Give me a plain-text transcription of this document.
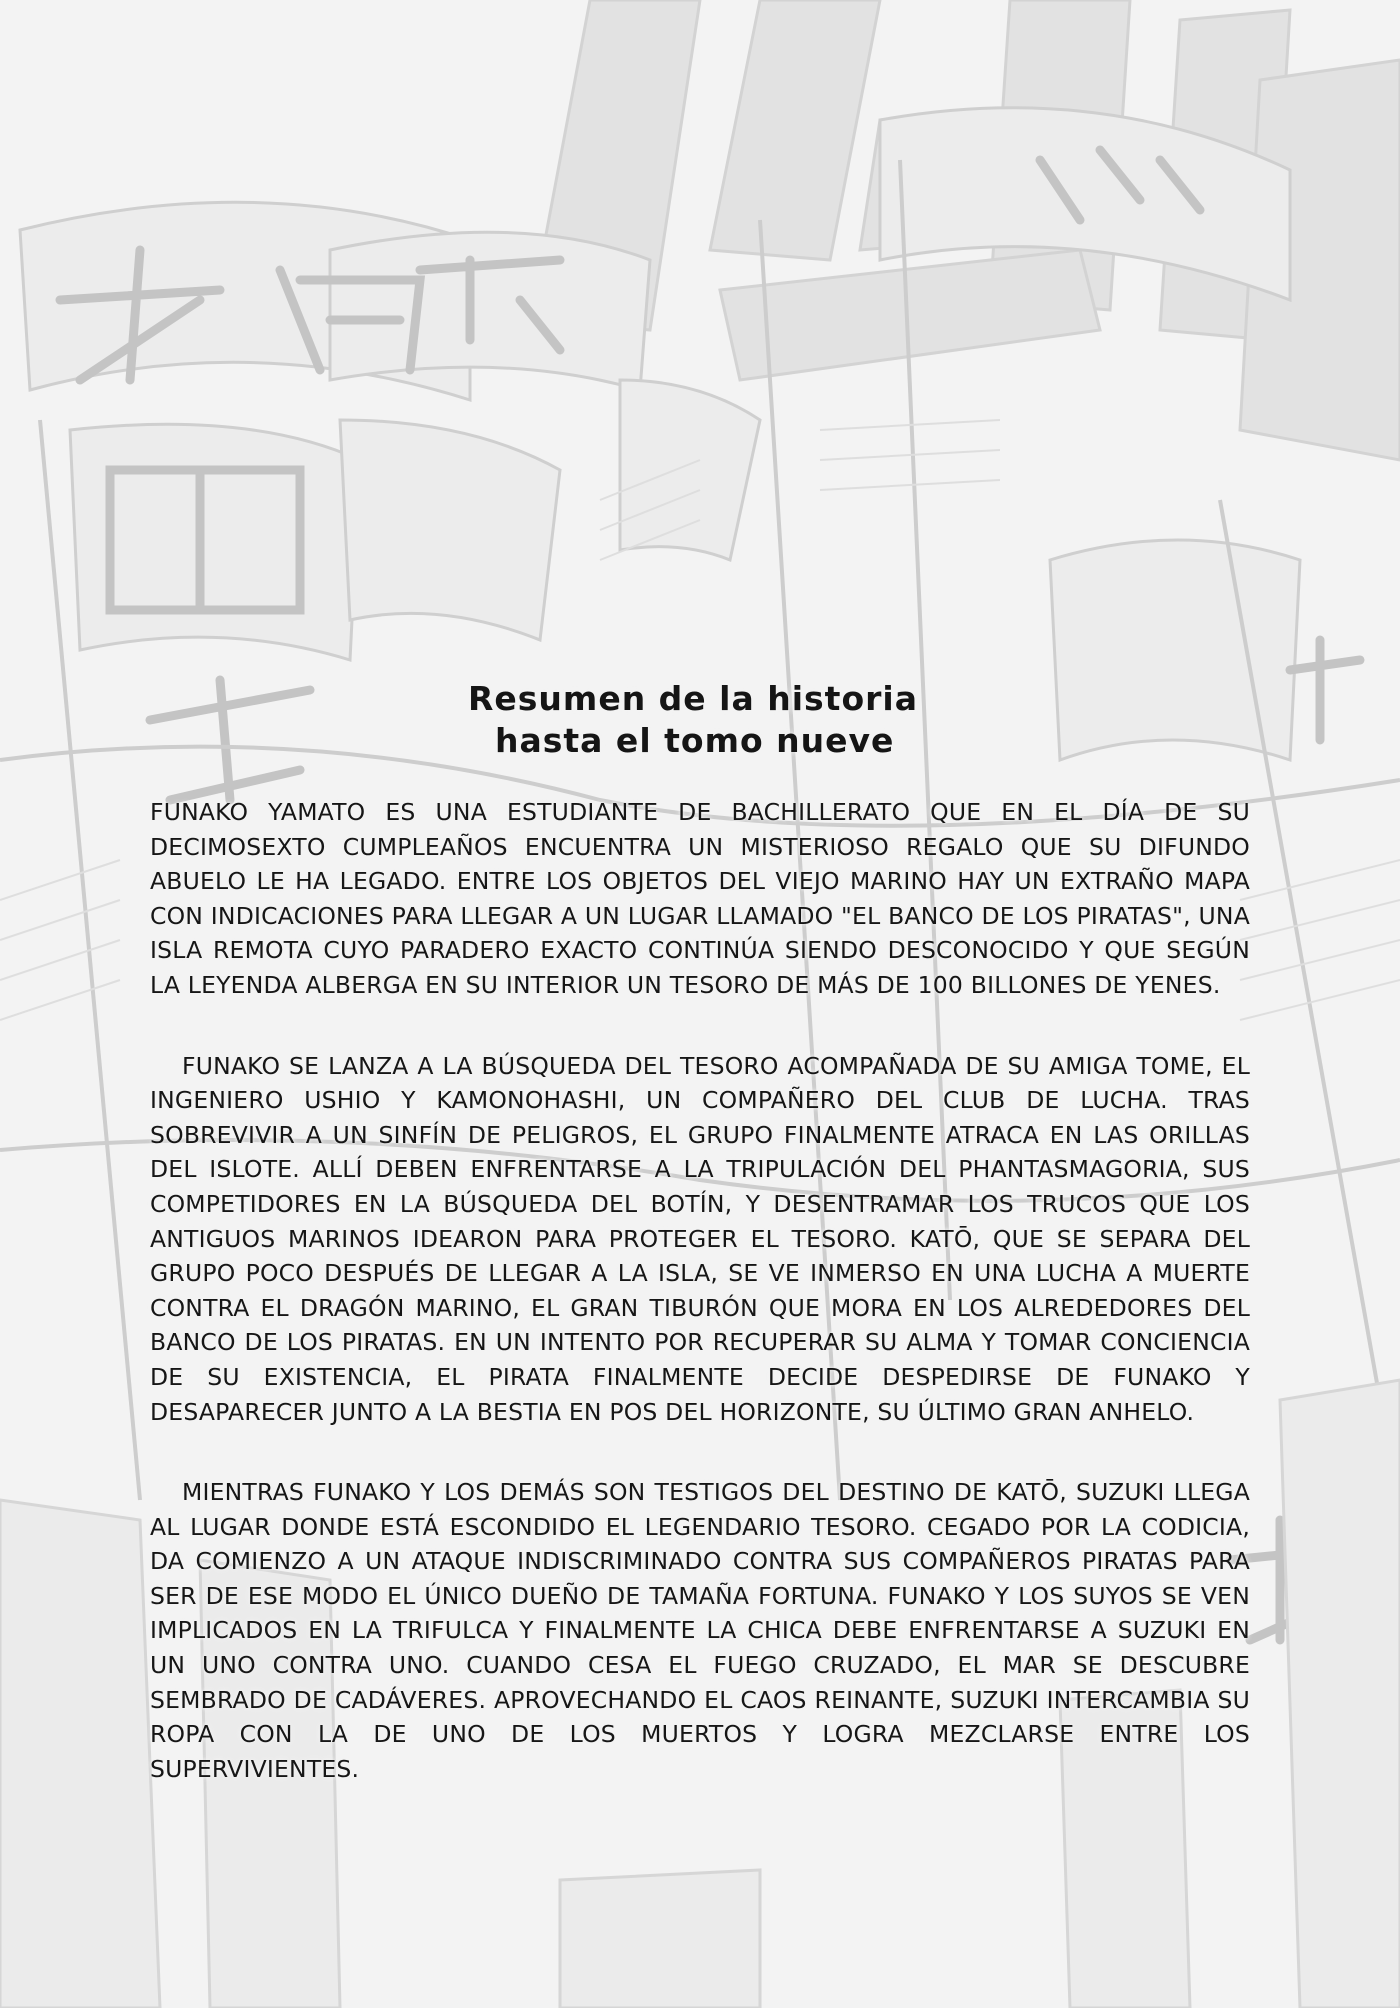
Resumen de la historia
hasta el tomo nueve

FUNAKO YAMATO ES UNA ESTUDIANTE DE BACHILLERATO QUE EN EL DÍA DE SU DECIMOSEXTO CUMPLEAÑOS ENCUENTRA UN MISTERIOSO REGALO QUE SU DIFUNDO ABUELO LE HA LEGADO. ENTRE LOS OBJETOS DEL VIEJO MARINO HAY UN EXTRAÑO MAPA CON INDICACIONES PARA LLEGAR A UN LUGAR LLAMADO "EL BANCO DE LOS PIRATAS", UNA ISLA REMOTA CUYO PARADERO EXACTO CONTINÚA SIENDO DESCONOCIDO Y QUE SEGÚN LA LEYENDA ALBERGA EN SU INTERIOR UN TESORO DE MÁS DE 100 BILLONES DE YENES.

FUNAKO SE LANZA A LA BÚSQUEDA DEL TESORO ACOMPAÑADA DE SU AMIGA TOME, EL INGENIERO USHIO Y KAMONOHASHI, UN COMPAÑERO DEL CLUB DE LUCHA. TRAS SOBREVIVIR A UN SINFÍN DE PELIGROS, EL GRUPO FINALMENTE ATRACA EN LAS ORILLAS DEL ISLOTE. ALLÍ DEBEN ENFRENTARSE A LA TRIPULACIÓN DEL PHANTASMAGORIA, SUS COMPETIDORES EN LA BÚSQUEDA DEL BOTÍN, Y DESENTRAMAR LOS TRUCOS QUE LOS ANTIGUOS MARINOS IDEARON PARA PROTEGER EL TESORO. KATŌ, QUE SE SEPARA DEL GRUPO POCO DESPUÉS DE LLEGAR A LA ISLA, SE VE INMERSO EN UNA LUCHA A MUERTE CONTRA EL DRAGÓN MARINO, EL GRAN TIBURÓN QUE MORA EN LOS ALREDEDORES DEL BANCO DE LOS PIRATAS. EN UN INTENTO POR RECUPERAR SU ALMA Y TOMAR CONCIENCIA DE SU EXISTENCIA, EL PIRATA FINALMENTE DECIDE DESPEDIRSE DE FUNAKO Y DESAPARECER JUNTO A LA BESTIA EN POS DEL HORIZONTE, SU ÚLTIMO GRAN ANHELO.

MIENTRAS FUNAKO Y LOS DEMÁS SON TESTIGOS DEL DESTINO DE KATŌ, SUZUKI LLEGA AL LUGAR DONDE ESTÁ ESCONDIDO EL LEGENDARIO TESORO. CEGADO POR LA CODICIA, DA COMIENZO A UN ATAQUE INDISCRIMINADO CONTRA SUS COMPAÑEROS PIRATAS PARA SER DE ESE MODO EL ÚNICO DUEÑO DE TAMAÑA FORTUNA. FUNAKO Y LOS SUYOS SE VEN IMPLICADOS EN LA TRIFULCA Y FINALMENTE LA CHICA DEBE ENFRENTARSE A SUZUKI EN UN UNO CONTRA UNO. CUANDO CESA EL FUEGO CRUZADO, EL MAR SE DESCUBRE SEMBRADO DE CADÁVERES. APROVECHANDO EL CAOS REINANTE, SUZUKI INTERCAMBIA SU ROPA CON LA DE UNO DE LOS MUERTOS Y LOGRA MEZCLARSE ENTRE LOS SUPERVIVIENTES.
